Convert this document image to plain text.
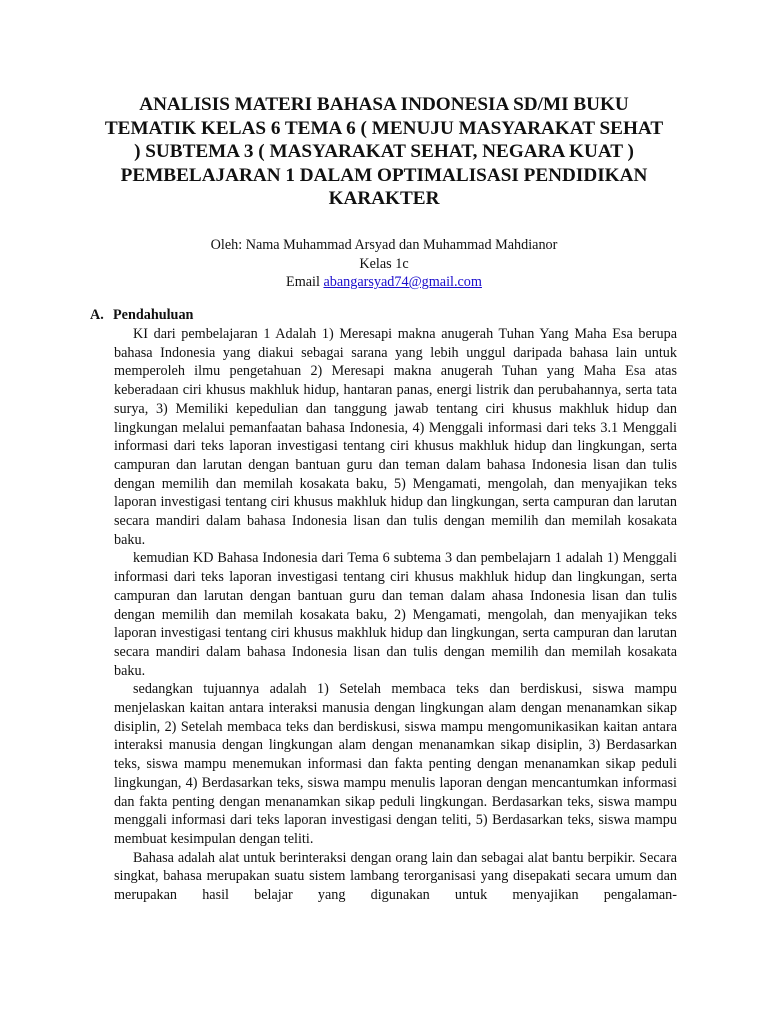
ANALISIS MATERI BAHASA INDONESIA SD/MI BUKU TEMATIK KELAS 6 TEMA 6 ( MENUJU MASYARAKAT SEHAT ) SUBTEMA 3 ( MASYARAKAT SEHAT, NEGARA KUAT ) PEMBELAJARAN 1 DALAM OPTIMALISASI PENDIDIKAN KARAKTER
Oleh: Nama Muhammad Arsyad dan Muhammad Mahdianor
Kelas 1c
Email abangarsyad74@gmail.com
A. Pendahuluan

KI dari pembelajaran 1 Adalah 1) Meresapi makna anugerah Tuhan Yang Maha Esa berupa bahasa Indonesia yang diakui sebagai sarana yang lebih unggul daripada bahasa lain untuk memperoleh ilmu pengetahuan 2) Meresapi makna anugerah Tuhan yang Maha Esa atas keberadaan ciri khusus makhluk hidup, hantaran panas, energi listrik dan perubahannya, serta tata surya, 3) Memiliki kepedulian dan tanggung jawab tentang ciri khusus makhluk hidup dan lingkungan melalui pemanfaatan bahasa Indonesia, 4) Menggali informasi dari teks 3.1 Menggali informasi dari teks laporan investigasi tentang ciri khusus makhluk hidup dan lingkungan, serta campuran dan larutan dengan bantuan guru dan teman dalam bahasa Indonesia lisan dan tulis dengan memilih dan memilah kosakata baku, 5) Mengamati, mengolah, dan menyajikan teks laporan investigasi tentang ciri khusus makhluk hidup dan lingkungan, serta campuran dan larutan secara mandiri dalam bahasa Indonesia lisan dan tulis dengan memilih dan memilah kosakata baku.

kemudian KD Bahasa Indonesia dari Tema 6 subtema 3 dan pembelajarn 1 adalah 1) Menggali informasi dari teks laporan investigasi tentang ciri khusus makhluk hidup dan lingkungan, serta campuran dan larutan dengan bantuan guru dan teman dalam ahasa Indonesia lisan dan tulis dengan memilih dan memilah kosakata baku, 2) Mengamati, mengolah, dan menyajikan teks laporan investigasi tentang ciri khusus makhluk hidup dan lingkungan, serta campuran dan larutan secara mandiri dalam bahasa Indonesia lisan dan tulis dengan memilih dan memilah kosakata baku.

sedangkan tujuannya adalah 1) Setelah membaca teks dan berdiskusi, siswa mampu menjelaskan kaitan antara interaksi manusia dengan lingkungan alam dengan menanamkan sikap disiplin, 2) Setelah membaca teks dan berdiskusi, siswa mampu mengomunikasikan kaitan antara interaksi manusia dengan lingkungan alam dengan menanamkan sikap disiplin, 3) Berdasarkan teks, siswa mampu menemukan informasi dan fakta penting dengan menanamkan sikap peduli lingkungan, 4) Berdasarkan teks, siswa mampu menulis laporan dengan mencantumkan informasi dan fakta penting dengan menanamkan sikap peduli lingkungan. Berdasarkan teks, siswa mampu menggali informasi dari teks laporan investigasi dengan teliti, 5) Berdasarkan teks, siswa mampu membuat kesimpulan dengan teliti.

Bahasa adalah alat untuk berinteraksi dengan orang lain dan sebagai alat bantu berpikir. Secara singkat, bahasa merupakan suatu sistem lambang terorganisasi yang disepakati secara umum dan merupakan hasil belajar yang digunakan untuk menyajikan pengalaman-
